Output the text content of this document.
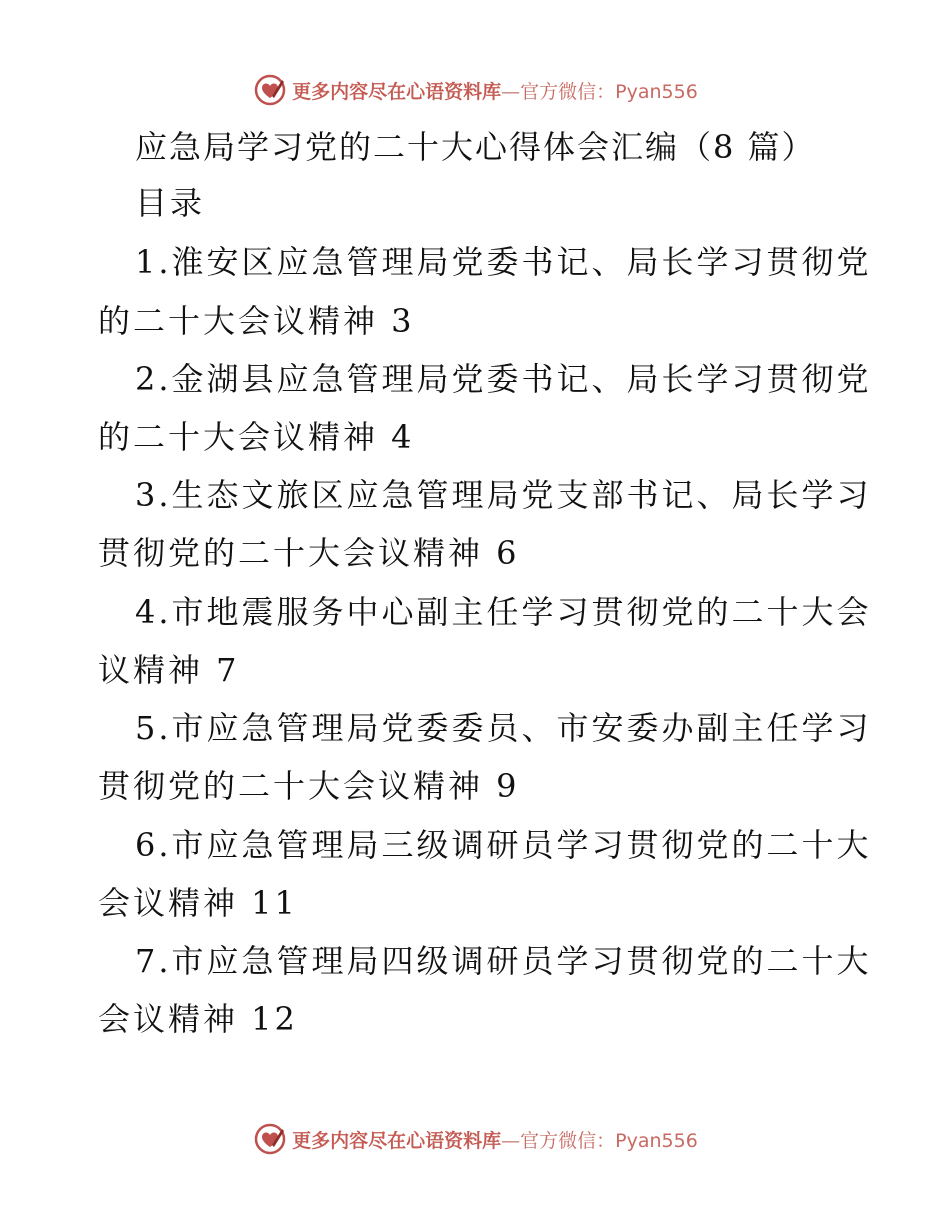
更多内容尽在心语资料库—官方微信：Pyan556
应急局学习党的二十大心得体会汇编（8 篇）
目录
1.淮安区应急管理局党委书记、局长学习贯彻党
的二十大会议精神 3
2.金湖县应急管理局党委书记、局长学习贯彻党
的二十大会议精神 4
3.生态文旅区应急管理局党支部书记、局长学习
贯彻党的二十大会议精神 6
4.市地震服务中心副主任学习贯彻党的二十大会
议精神 7
5.市应急管理局党委委员、市安委办副主任学习
贯彻党的二十大会议精神 9
6.市应急管理局三级调研员学习贯彻党的二十大
会议精神 11
7.市应急管理局四级调研员学习贯彻党的二十大
会议精神 12
更多内容尽在心语资料库—官方微信：Pyan556
